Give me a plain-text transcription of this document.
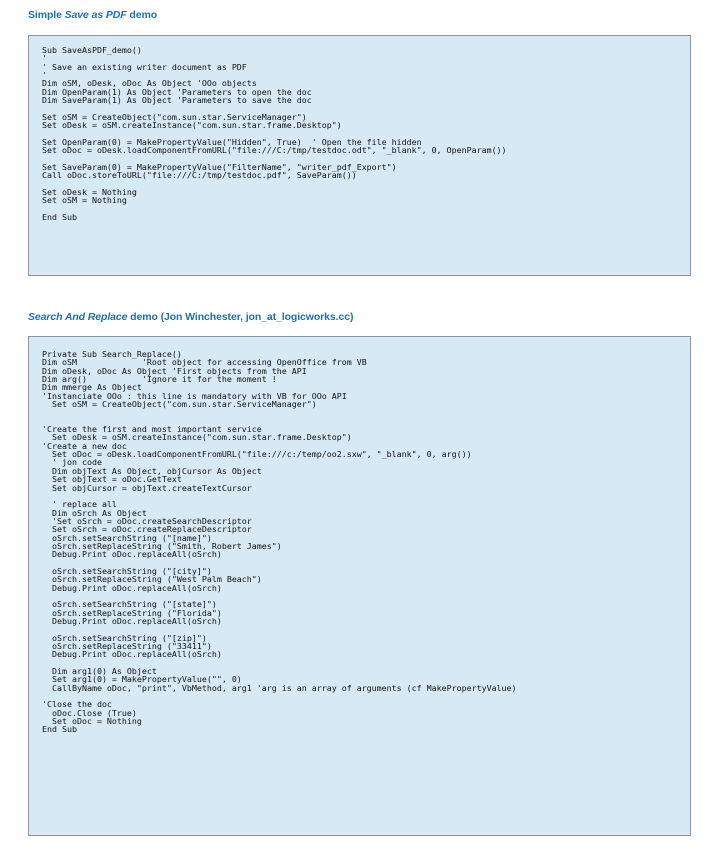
Simple Save as PDF demo
Sub SaveAsPDF_demo()
'
' Save an existing writer document as PDF
'
Dim oSM, oDesk, oDoc As Object 'OOo objects
Dim OpenParam(1) As Object 'Parameters to open the doc
Dim SaveParam(1) As Object 'Parameters to save the doc

Set oSM = CreateObject("com.sun.star.ServiceManager")
Set oDesk = oSM.createInstance("com.sun.star.frame.Desktop")

Set OpenParam(0) = MakePropertyValue("Hidden", True)  ' Open the file hidden
Set oDoc = oDesk.loadComponentFromURL("file:///C:/tmp/testdoc.odt", "_blank", 0, OpenParam())

Set SaveParam(0) = MakePropertyValue("FilterName", "writer_pdf_Export")
Call oDoc.storeToURL("file:///C:/tmp/testdoc.pdf", SaveParam())

Set oDesk = Nothing
Set oSM = Nothing

End Sub
Search And Replace demo (Jon Winchester, jon_at_logicworks.cc)
Private Sub Search_Replace()
Dim oSM             'Root object for accessing OpenOffice from VB
Dim oDesk, oDoc As Object 'First objects from the API
Dim arg()           'Ignore it for the moment !
Dim mmerge As Object
'Instanciate OOo : this line is mandatory with VB for OOo API
Set oSM = CreateObject("com.sun.star.ServiceManager")

'Create the first and most important service
Set oDesk = oSM.createInstance("com.sun.star.frame.Desktop")
'Create a new doc
Set oDoc = oDesk.loadComponentFromURL("file:///c:/temp/oo2.sxw", "_blank", 0, arg())
' jon code
Dim objText As Object, objCursor As Object
Set objText = oDoc.GetText
Set objCursor = objText.createTextCursor

' replace all
Dim oSrch As Object
'Set oSrch = oDoc.createSearchDescriptor
Set oSrch = oDoc.createReplaceDescriptor
oSrch.setSearchString ("[name]")
oSrch.setReplaceString ("Smith, Robert James")
Debug.Print oDoc.replaceAll(oSrch)

oSrch.setSearchString ("[city]")
oSrch.setReplaceString ("West Palm Beach")
Debug.Print oDoc.replaceAll(oSrch)

oSrch.setSearchString ("[state]")
oSrch.setReplaceString ("Florida")
Debug.Print oDoc.replaceAll(oSrch)

oSrch.setSearchString ("[zip]")
oSrch.setReplaceString ("33411")
Debug.Print oDoc.replaceAll(oSrch)

Dim arg1(0) As Object
Set arg1(0) = MakePropertyValue("", 0)
CallByName oDoc, "print", VbMethod, arg1 'arg is an array of arguments (cf MakePropertyValue)

'Close the doc
oDoc.Close (True)
Set oDoc = Nothing
End Sub
